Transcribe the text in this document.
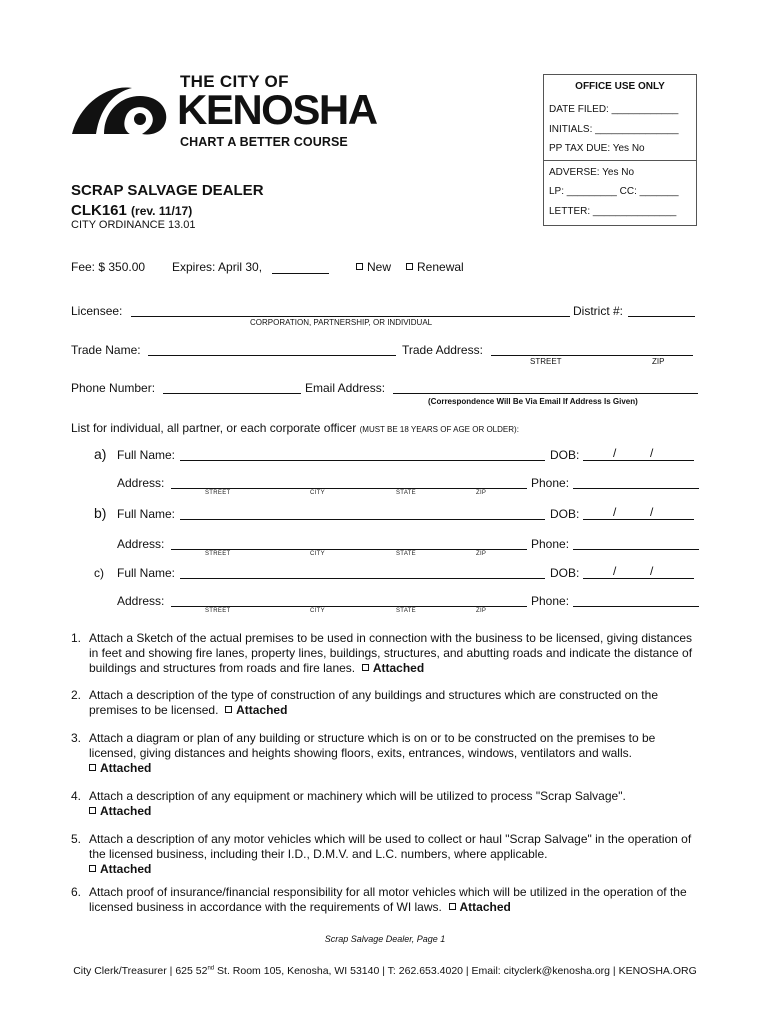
THE CITY OF
KENOSHA
CHART A BETTER COURSE
OFFICE USE ONLY
DATE FILED: ____________
INITIALS: _______________
PP TAX DUE: Yes No
ADVERSE: Yes No
LP: _________ CC: _______
LETTER: _______________
SCRAP SALVAGE DEALER
CLK161 (rev. 11/17)
CITY ORDINANCE 13.01
Fee: $ 350.00 Expires: April 30,	New	Renewal
Licensee:
CORPORATION, PARTNERSHIP, OR INDIVIDUAL
District #:
Trade Name:	Trade Address:
STREET	ZIP
Phone Number:	Email Address:
(Correspondence Will Be Via Email If Address Is Given)
List for individual, all partner, or each corporate officer (MUST BE 18 YEARS OF AGE OR OLDER):
a) Full Name:	DOB:	/	/
Address:
STREET	CITY	STATE	ZIP
Phone:
b) Full Name:	DOB:	/	/
Address:
STREET	CITY	STATE	ZIP
Phone:
c) Full Name:	DOB:	/	/
Address:
STREET	CITY	STATE	ZIP
Phone:
1. Attach a Sketch of the actual premises to be used in connection with the business to be licensed, giving distances in feet and showing fire lanes, property lines, buildings, structures, and abutting roads and indicate the distance of buildings and structures from roads and fire lanes. Attached
2. Attach a description of the type of construction of any buildings and structures which are constructed on the premises to be licensed. Attached
3. Attach a diagram or plan of any building or structure which is on or to be constructed on the premises to be licensed, giving distances and heights showing floors, exits, entrances, windows, ventilators and walls.
Attached
4. Attach a description of any equipment or machinery which will be utilized to process "Scrap Salvage".
Attached
5. Attach a description of any motor vehicles which will be used to collect or haul "Scrap Salvage" in the operation of the licensed business, including their I.D., D.M.V. and L.C. numbers, where applicable.
Attached
6. Attach proof of insurance/financial responsibility for all motor vehicles which will be utilized in the operation of the licensed business in accordance with the requirements of WI laws. Attached
Scrap Salvage Dealer, Page 1
City Clerk/Treasurer | 625 52nd St. Room 105, Kenosha, WI 53140 | T: 262.653.4020 | Email: cityclerk@kenosha.org | KENOSHA.ORG
